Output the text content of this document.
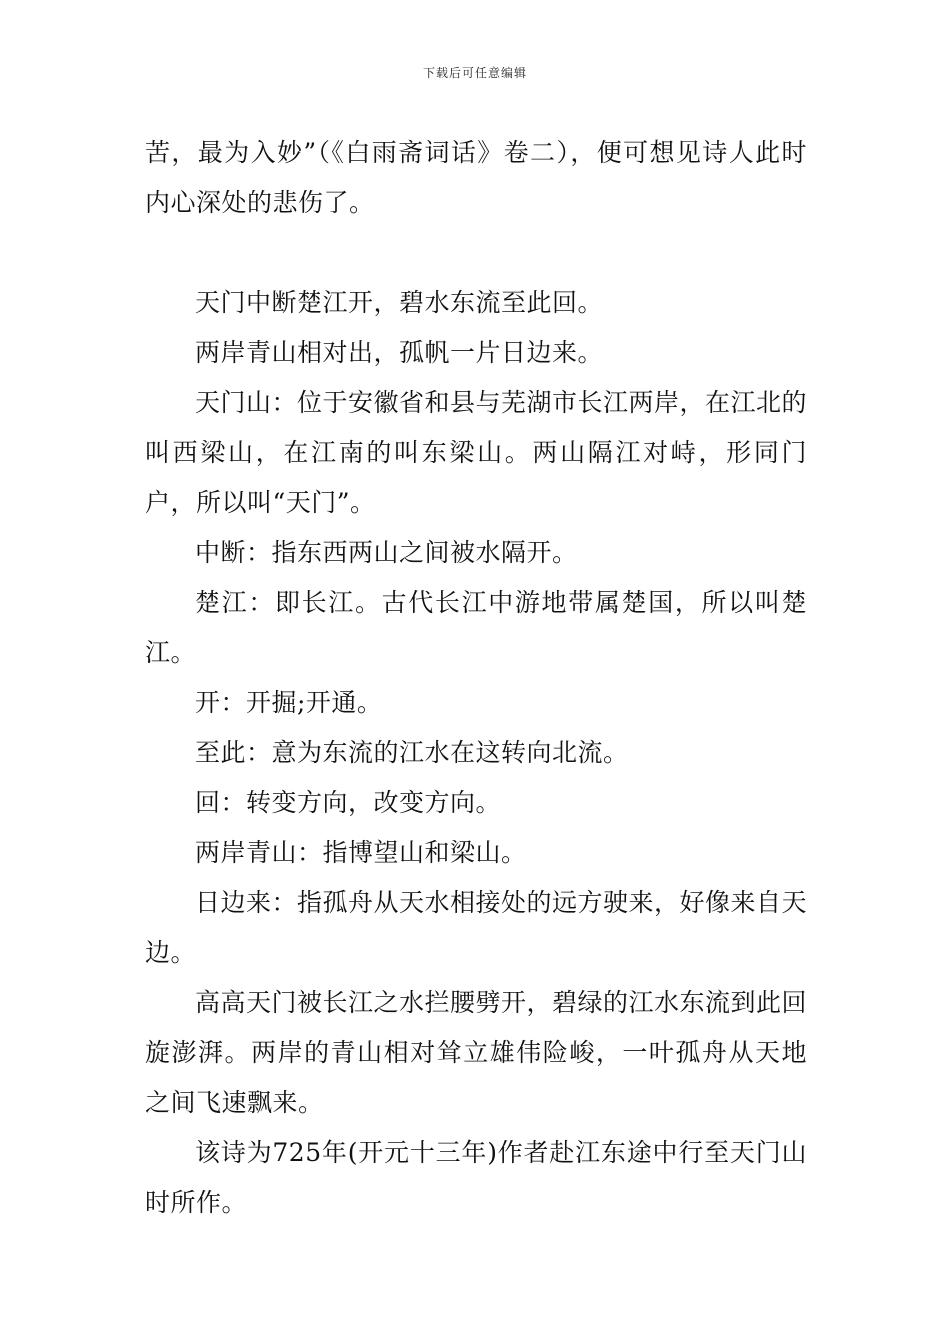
下载后可任意编辑

苦，最为入妙”（《白雨斋词话》卷二），便可想见诗人此时内心深处的悲伤了。

天门中断楚江开，碧水东流至此回。

两岸青山相对出，孤帆一片日边来。

天门山：位于安徽省和县与芜湖市长江两岸，在江北的叫西梁山，在江南的叫东梁山。两山隔江对峙，形同门户，所以叫“天门”。

中断：指东西两山之间被水隔开。

楚江：即长江。古代长江中游地带属楚国，所以叫楚江。

开：开掘;开通。

至此：意为东流的江水在这转向北流。

回：转变方向，改变方向。

两岸青山：指博望山和梁山。

日边来：指孤舟从天水相接处的远方驶来，好像来自天边。

高高天门被长江之水拦腰劈开，碧绿的江水东流到此回旋澎湃。两岸的青山相对耸立雄伟险峻，一叶孤舟从天地之间飞速飘来。

该诗为725年(开元十三年)作者赴江东途中行至天门山时所作。
